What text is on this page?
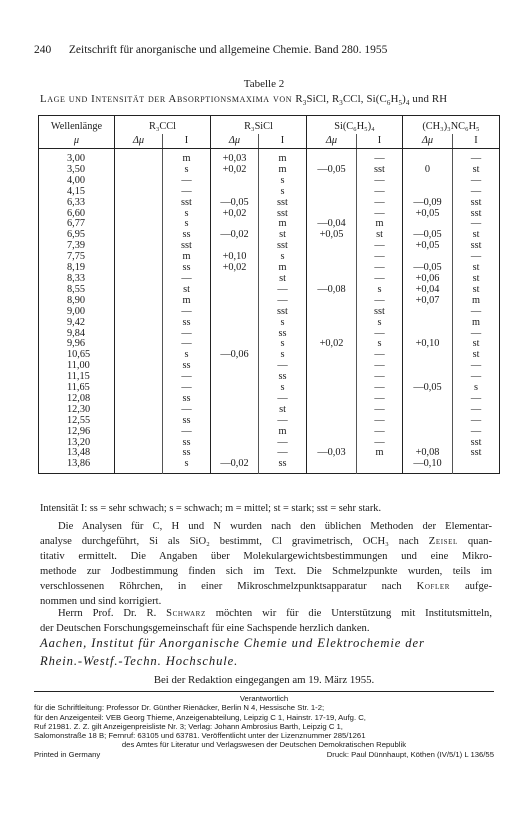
240 Zeitschrift für anorganische und allgemeine Chemie. Band 280. 1955
Tabelle 2
Lage und Intensität der Absorptionsmaxima von $R_3SiCl$, $R_3CCl$, $Si(C_6H_5)_4$ und RH
Wellenlänge	R₃CCl		R₃SiCl		Si(C₆H₅)₄		(CH₃)₃NC₆H₅	
μ	Δμ	I	Δμ	I	Δμ	I	Δμ	I
3,00		m	+0,03	m		—		—
3,50		s	+0,02	m	—0,05	sst	0	st
4,00		—		s		—		—
4,15		—		s		—		—
6,33		sst	—0,05	sst		—	—0,09	sst
6,60		s	+0,02	sst		—	+0,05	sst
6,77		s		m	—0,04	m		—
6,95		ss	—0,02	st	+0,05	st	—0,05	st
7,39		sst		sst		—	+0,05	sst
7,75		m	+0,10	s		—		—
8,19		ss	+0,02	m		—	—0,05	st
8,33		—		st		—	+0,06	st
8,55		st		—	—0,08	s	+0,04	st
8,90		m		—		—	+0,07	m
9,00		—		sst		sst		—
9,42		ss		s		s		m
9,84		—		ss		—		—
9,96		—		s	+0,02	s	+0,10	st
10,65		s	—0,06	s		—		st
11,00		ss		—		—		—
11,15		—		ss		—		—
11,65		—		s		—	—0,05	s
12,08		ss		—		—		—
12,30		—		st		—		—
12,55		ss		—		—		—
12,96		—		m		—		—
13,20		ss		—		—		sst
13,48		ss		—	—0,03	m	+0,08	sst
13,86		s	—0,02	ss			—0,10	
Intensität I: ss = sehr schwach; s = schwach; m = mittel; st = stark; sst = sehr stark.
Die Analysen für C, H und N wurden nach den üblichen Methoden der Elementar-
analyse durchgeführt, Si als SiO₂ bestimmt, Cl gravimetrisch, OCH₃ nach Zeisel quan-
titativ ermittelt. Die Angaben über Molekulargewichtsbestimmungen und eine Mikro-
methode zur Jodbestimmung finden sich im Text. Die Schmelzpunkte wurden, teils im
verschlossenen Röhrchen, in einer Mikroschmelzpunktsapparatur nach Kofler aufge-
nommen und sind korrigiert.
Herrn Prof. Dr. R. Schwarz möchten wir für die Unterstützung mit Institutsmitteln,
der Deutschen Forschungsgemeinschaft für eine Sachspende herzlich danken.
Aachen, Institut für Anorganische Chemie und Elektrochemie der
Rhein.-Westf.-Techn. Hochschule.
Bei der Redaktion eingegangen am 19. März 1955.
Verantwortlich
für die Schriftleitung: Professor Dr. Günther Rienäcker, Berlin N 4, Hessische Str. 1-2;
für den Anzeigenteil: VEB Georg Thieme, Anzeigenabteilung, Leipzig C 1, Hainstr. 17-19, Aufg. C,
Ruf 21981. Z. Z. gilt Anzeigenpreisliste Nr. 3; Verlag: Johann Ambrosius Barth, Leipzig C 1,
Salomonstraße 18 B; Fernruf: 63105 und 63781. Veröffentlicht unter der Lizenznummer 285/1261
des Amtes für Literatur und Verlagswesen der Deutschen Demokratischen Republik
Printed in Germany	Druck: Paul Dünnhaupt, Köthen (IV/5/1) L 136/55
